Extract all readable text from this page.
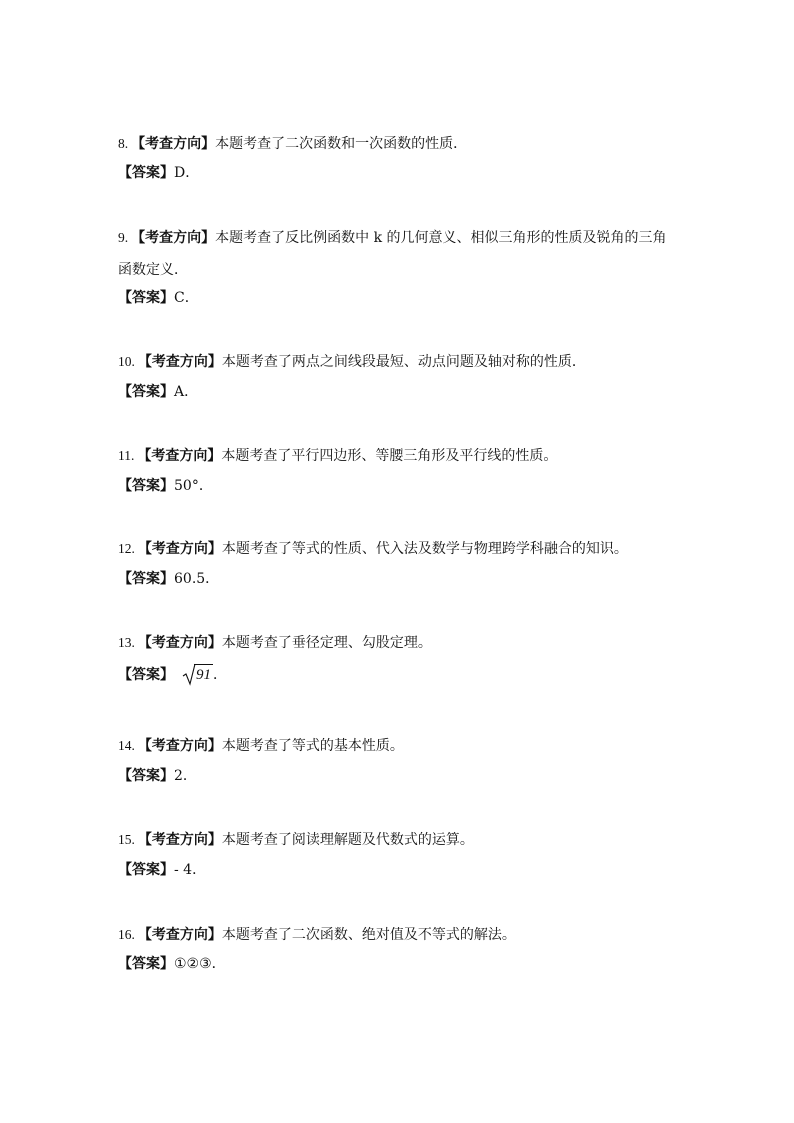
8. 【考查方向】本题考查了二次函数和一次函数的性质．
【答案】D．
9. 【考查方向】本题考查了反比例函数中 k 的几何意义、相似三角形的性质及锐角的三角
函数定义．
【答案】C．
10. 【考查方向】本题考查了两点之间线段最短、动点问题及轴对称的性质．
【答案】A．
11. 【考查方向】本题考查了平行四边形、等腰三角形及平行线的性质。
【答案】50°．
12. 【考查方向】本题考查了等式的性质、代入法及数学与物理跨学科融合的知识。
【答案】60.5．
13. 【考查方向】本题考查了垂径定理、勾股定理。
【答案】 91 ．
14. 【考查方向】本题考查了等式的基本性质。
【答案】2．
15. 【考查方向】本题考查了阅读理解题及代数式的运算。
【答案】- 4．
16. 【考查方向】本题考查了二次函数、绝对值及不等式的解法。
【答案】①②③．
